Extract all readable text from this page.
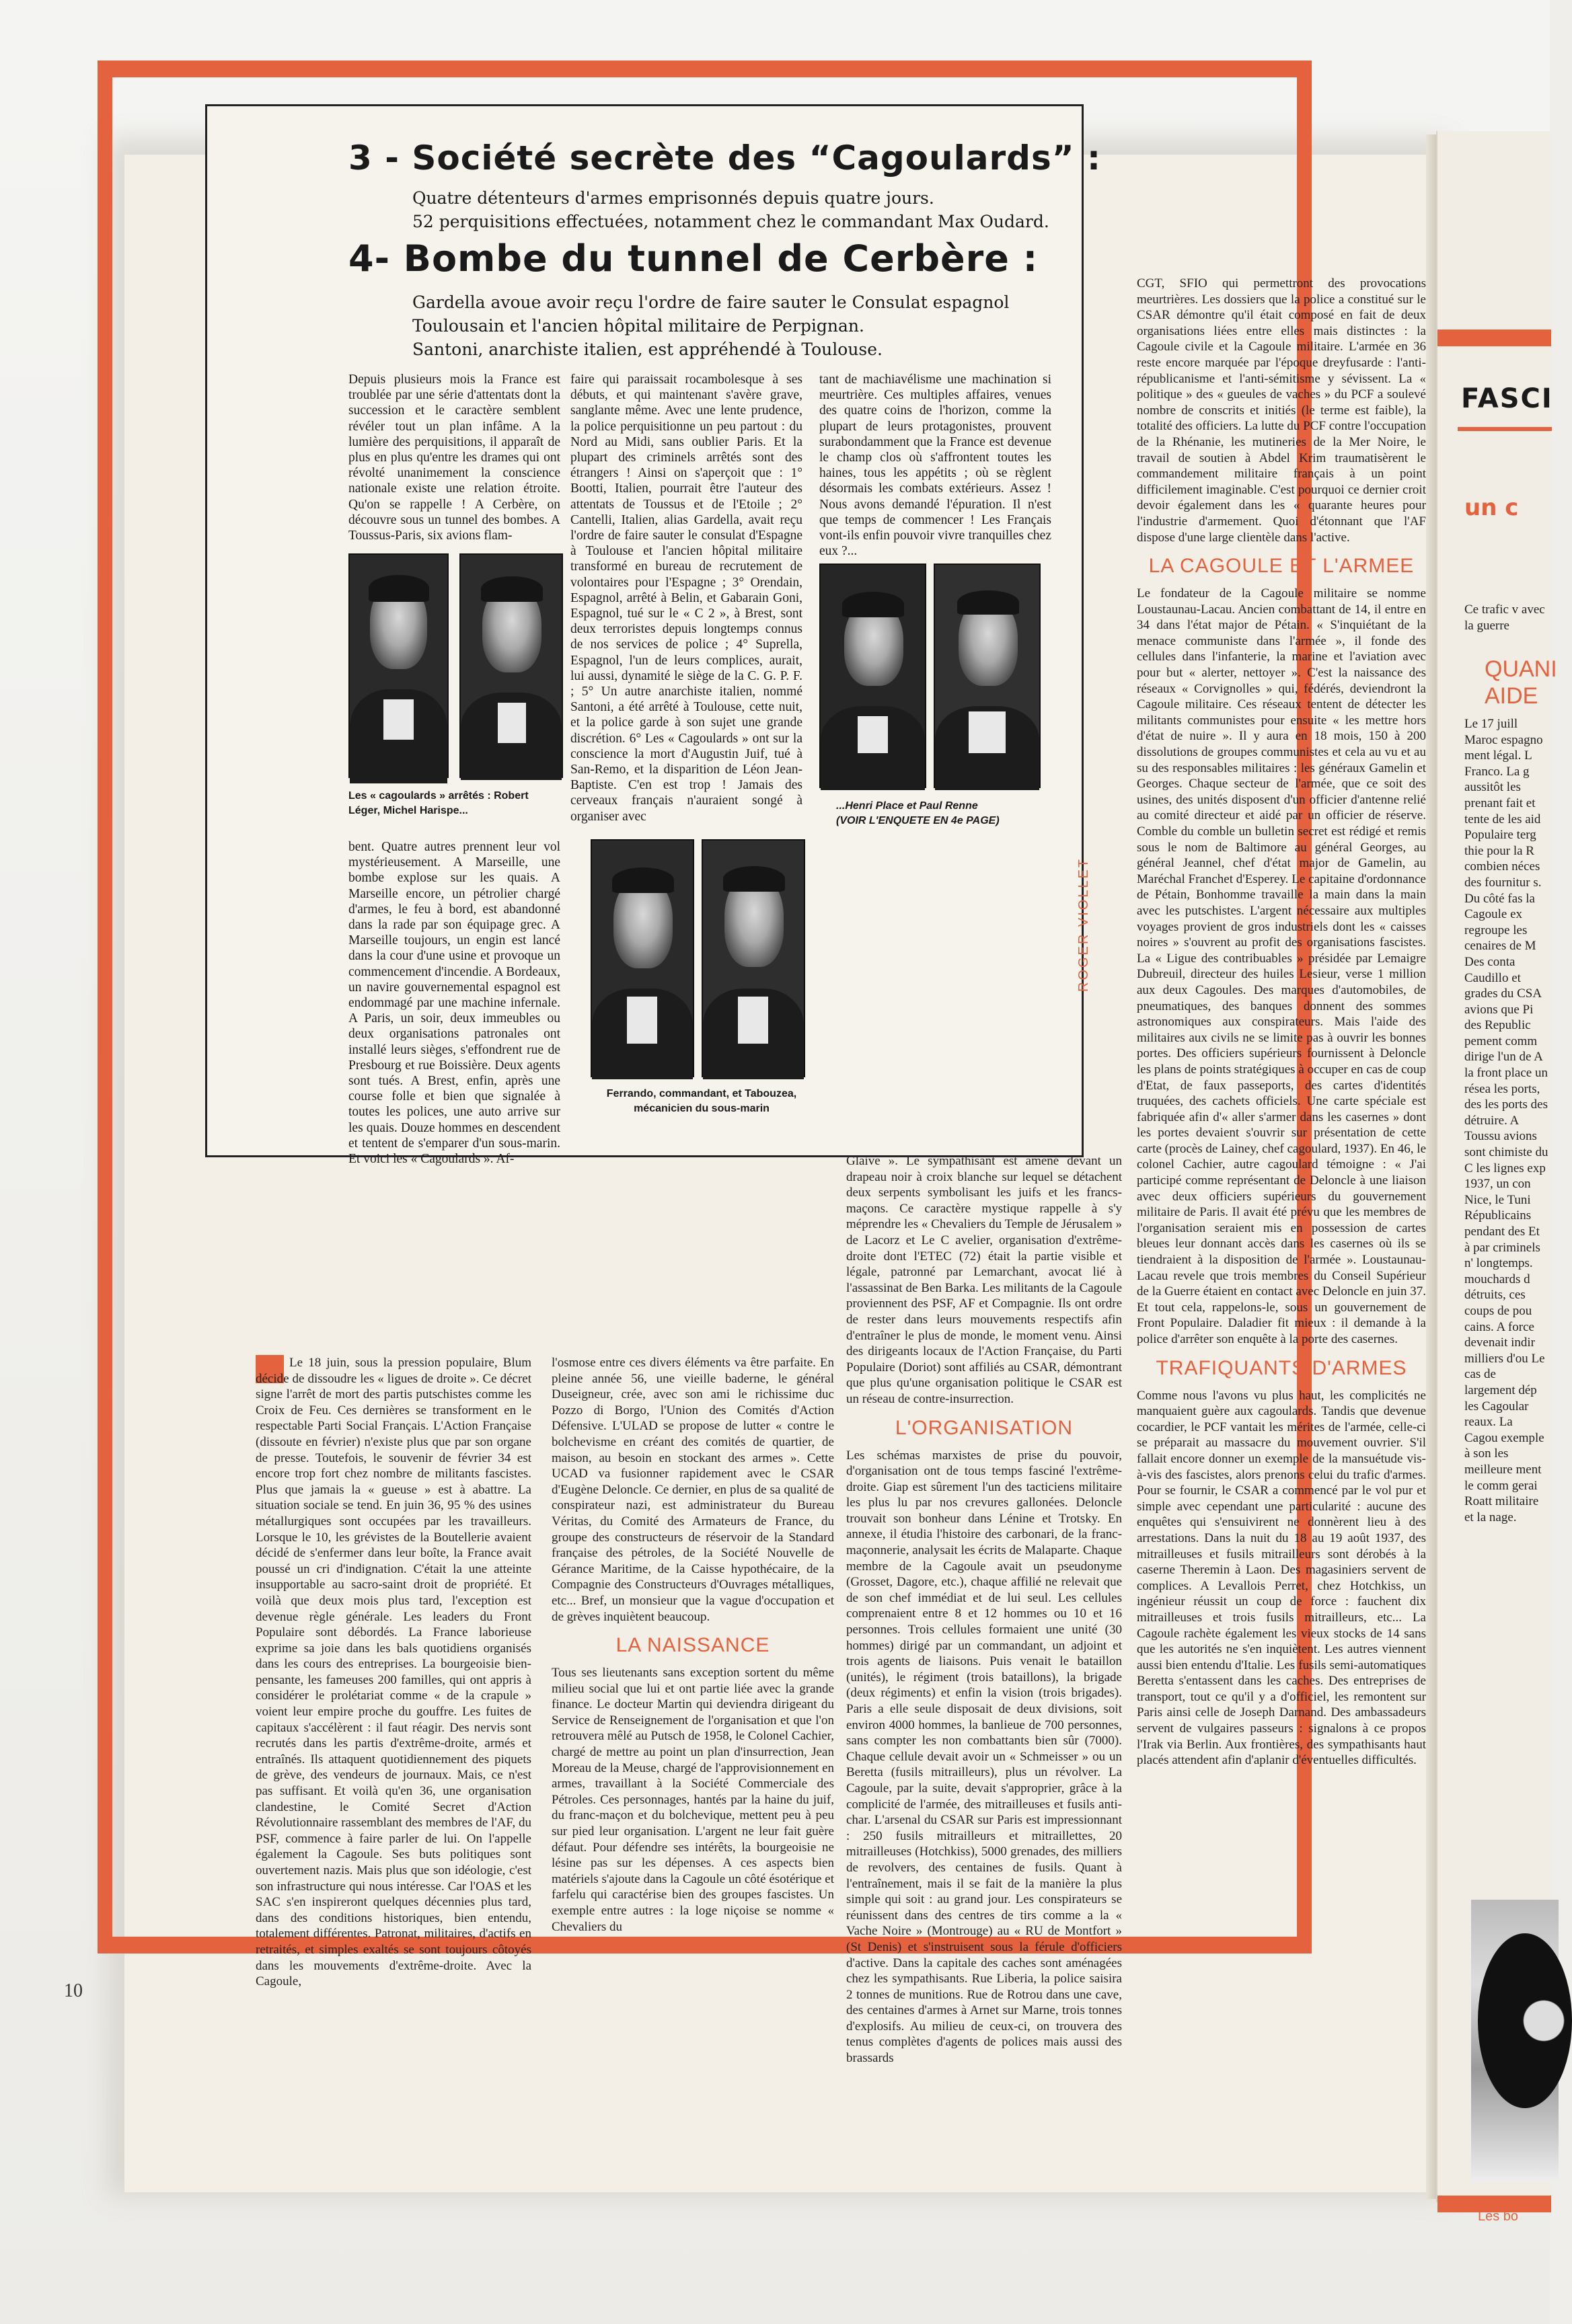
3 - Société secrète des “Cagoulards” :
Quatre détenteurs d'armes emprisonnés depuis quatre jours.
52 perquisitions effectuées, notamment chez le commandant Max Oudard.
4- Bombe du tunnel de Cerbère :
Gardella avoue avoir reçu l'ordre de faire sauter le Consulat espagnol
Toulousain et l'ancien hôpital militaire de Perpignan.
Santoni, anarchiste italien, est appréhendé à Toulouse.
Depuis plusieurs mois la France est troublée par une série d'attentats dont la succession et le caractère semblent révéler tout un plan infâme. A la lumière des perquisitions, il apparaît de plus en plus qu'entre les drames qui ont révolté unanimement la conscience nationale existe une relation étroite. Qu'on se rappelle ! A Cerbère, on découvre sous un tunnel des bombes. A Toussus-Paris, six avions flam-
faire qui paraissait rocambolesque à ses débuts, et qui maintenant s'avère grave, sanglante même. Avec une lente prudence, la police perquisitionne un peu partout : du Nord au Midi, sans oublier Paris. Et la plupart des criminels arrêtés sont des étrangers ! Ainsi on s'aperçoit que : 1° Bootti, Italien, pourrait être l'auteur des attentats de Toussus et de l'Etoile ; 2° Cantelli, Italien, alias Gardella, avait reçu l'ordre de faire sauter le consulat d'Espagne à Toulouse et l'ancien hôpital militaire transformé en bureau de recrutement de volontaires pour l'Espagne ; 3° Orendain, Espagnol, arrêté à Belin, et Gabarain Goni, Espagnol, tué sur le « C 2 », à Brest, sont deux terroristes depuis longtemps connus de nos services de police ; 4° Suprella, Espagnol, l'un de leurs complices, aurait, lui aussi, dynamité le siège de la C. G. P. F. ; 5° Un autre anarchiste italien, nommé Santoni, a été arrêté à Toulouse, cette nuit, et la police garde à son sujet une grande discrétion. 6° Les « Cagoulards » ont sur la conscience la mort d'Augustin Juif, tué à San-Remo, et la disparition de Léon Jean-Baptiste. C'en est trop ! Jamais des cerveaux français n'auraient songé à organiser avec
tant de machiavélisme une machination si meurtrière. Ces multiples affaires, venues des quatre coins de l'horizon, comme la plupart de leurs protagonistes, prouvent surabondamment que la France est devenue le champ clos où s'affrontent toutes les haines, tous les appétits ; où se règlent désormais les combats extérieurs. Assez ! Nous avons demandé l'épuration. Il n'est que temps de commencer ! Les Français vont-ils enfin pouvoir vivre tranquilles chez eux ?...
bent. Quatre autres prennent leur vol mystérieusement. A Marseille, une bombe explose sur les quais. A Marseille encore, un pétrolier chargé d'armes, le feu à bord, est abandonné dans la rade par son équipage grec. A Marseille toujours, un engin est lancé dans la cour d'une usine et provoque un commencement d'incendie. A Bordeaux, un navire gouvernemental espagnol est endommagé par une machine infernale. A Paris, un soir, deux immeubles ou deux organisations patronales ont installé leurs sièges, s'effondrent rue de Presbourg et rue Boissière. Deux agents sont tués. A Brest, enfin, après une course folle et bien que signalée à toutes les polices, une auto arrive sur les quais. Douze hommes en descendent et tentent de s'emparer d'un sous-marin. Et voici les « Cagoulards ». Af-
Les « cagoulards » arrêtés : Robert
Léger, Michel Harispe...	...Henri Place et Paul Renne
(VOIR L'ENQUETE EN 4e PAGE)
Ferrando, commandant, et Tabouzea,
mécanicien du sous-marin
ROGER VIOLLET
Le 18 juin, sous la pression populaire, Blum décide de dissoudre les « ligues de droite ». Ce décret signe l'arrêt de mort des partis putschistes comme les Croix de Feu. Ces dernières se transforment en le respectable Parti Social Français. L'Action Française (dissoute en février) n'existe plus que par son organe de presse. Toutefois, le souvenir de février 34 est encore trop fort chez nombre de militants fascistes. Plus que jamais la « gueuse » est à abattre. La situation sociale se tend. En juin 36, 95 % des usines métallurgiques sont occupées par les travailleurs. Lorsque le 10, les grévistes de la Boutellerie avaient décidé de s'enfermer dans leur boîte, la France avait poussé un cri d'indignation. C'était la une atteinte insupportable au sacro-saint droit de propriété. Et voilà que deux mois plus tard, l'exception est devenue règle générale. Les leaders du Front Populaire sont débordés. La France laborieuse exprime sa joie dans les bals quotidiens organisés dans les cours des entreprises. La bourgeoisie bien-pensante, les fameuses 200 familles, qui ont appris à considérer le prolétariat comme « de la crapule » voient leur empire proche du gouffre. Les fuites de capitaux s'accélèrent : il faut réagir. Des nervis sont recrutés dans les partis d'extrême-droite, armés et entraînés. Ils attaquent quotidiennement des piquets de grève, des vendeurs de journaux. Mais, ce n'est pas suffisant. Et voilà qu'en 36, une organisation clandestine, le Comité Secret d'Action Révolutionnaire rassemblant des membres de l'AF, du PSF, commence à faire parler de lui. On l'appelle également la Cagoule. Ses buts politiques sont ouvertement nazis. Mais plus que son idéologie, c'est son infrastructure qui nous intéresse. Car l'OAS et les SAC s'en inspireront quelques décennies plus tard, dans des conditions historiques, bien entendu, totalement différentes. Patronat, militaires, d'actifs en retraités, et simples exaltés se sont toujours côtoyés dans les mouvements d'extrême-droite. Avec la Cagoule,
l'osmose entre ces divers éléments va être parfaite. En pleine année 56, une vieille baderne, le général Duseigneur, crée, avec son ami le richissime duc Pozzo di Borgo, l'Union des Comités d'Action Défensive. L'ULAD se propose de lutter « contre le bolchevisme en créant des comités de quartier, de maison, au besoin en stockant des armes ». Cette UCAD va fusionner rapidement avec le CSAR d'Eugène Deloncle. Ce dernier, en plus de sa qualité de conspirateur nazi, est administrateur du Bureau Véritas, du Comité des Armateurs de France, du groupe des constructeurs de réservoir de la Standard française des pétroles, de la Société Nouvelle de Gérance Maritime, de la Caisse hypothécaire, de la Compagnie des Constructeurs d'Ouvrages métalliques, etc... Bref, un monsieur que la vague d'occupation et de grèves inquiètent beaucoup.
LA NAISSANCE
Tous ses lieutenants sans exception sortent du même milieu social que lui et ont partie liée avec la grande finance. Le docteur Martin qui deviendra dirigeant du Service de Renseignement de l'organisation et que l'on retrouvera mêlé au Putsch de 1958, le Colonel Cachier, chargé de mettre au point un plan d'insurrection, Jean Moreau de la Meuse, chargé de l'approvisionnement en armes, travaillant à la Société Commerciale des Pétroles. Ces personnages, hantés par la haine du juif, du franc-maçon et du bolchevique, mettent peu à peu sur pied leur organisation. L'argent ne leur fait guère défaut. Pour défendre ses intérêts, la bourgeoisie ne lésine pas sur les dépenses. A ces aspects bien matériels s'ajoute dans la Cagoule un côté ésotérique et farfelu qui caractérise bien des groupes fascistes. Un exemple entre autres : la loge niçoise se nomme « Chevaliers du
Glaive ». Le sympathisant est amené devant un drapeau noir à croix blanche sur lequel se détachent deux serpents symbolisant les juifs et les francs-maçons. Ce caractère mystique rappelle à s'y méprendre les « Chevaliers du Temple de Jérusalem » de Lacorz et Le C avelier, organisation d'extrême-droite dont l'ETEC (72) était la partie visible et légale, patronné par Lemarchant, avocat lié à l'assassinat de Ben Barka. Les militants de la Cagoule proviennent des PSF, AF et Compagnie. Ils ont ordre de rester dans leurs mouvements respectifs afin d'entraîner le plus de monde, le moment venu. Ainsi des dirigeants locaux de l'Action Française, du Parti Populaire (Doriot) sont affiliés au CSAR, démontrant que plus qu'une organisation politique le CSAR est un réseau de contre-insurrection.
L'ORGANISATION
Les schémas marxistes de prise du pouvoir, d'organisation ont de tous temps fasciné l'extrême-droite. Giap est sûrement l'un des tacticiens militaire les plus lu par nos crevures gallonées. Deloncle trouvait son bonheur dans Lénine et Trotsky. En annexe, il étudia l'histoire des carbonari, de la franc-maçonnerie, analysait les écrits de Malaparte. Chaque membre de la Cagoule avait un pseudonyme (Grosset, Dagore, etc.), chaque affilié ne relevait que de son chef immédiat et de lui seul. Les cellules comprenaient entre 8 et 12 hommes ou 10 et 16 personnes. Trois cellules formaient une unité (30 hommes) dirigé par un commandant, un adjoint et trois agents de liaisons. Puis venait le bataillon (unités), le régiment (trois bataillons), la brigade (deux régiments) et enfin la vision (trois brigades). Paris a elle seule disposait de deux divisions, soit environ 4000 hommes, la banlieue de 700 personnes, sans compter les non combattants bien sûr (7000). Chaque cellule devait avoir un « Schmeisser » ou un Beretta (fusils mitrailleurs), plus un révolver. La Cagoule, par la suite, devait s'approprier, grâce à la complicité de l'armée, des mitrailleuses et fusils anti-char. L'arsenal du CSAR sur Paris est impressionnant : 250 fusils mitrailleurs et mitraillettes, 20 mitrailleuses (Hotchkiss), 5000 grenades, des milliers de revolvers, des centaines de fusils. Quant à l'entraînement, mais il se fait de la manière la plus simple qui soit : au grand jour. Les conspirateurs se réunissent dans des centres de tirs comme a la « Vache Noire » (Montrouge) au « RU de Montfort » (St Denis) et s'instruisent sous la férule d'officiers d'active. Dans la capitale des caches sont aménagées chez les sympathisants. Rue Liberia, la police saisira 2 tonnes de munitions. Rue de Rotrou dans une cave, des centaines d'armes à Arnet sur Marne, trois tonnes d'explosifs. Au milieu de ceux-ci, on trouvera des tenus complètes d'agents de polices mais aussi des brassards
CGT, SFIO qui permettront des provocations meurtrières. Les dossiers que la police a constitué sur le CSAR démontre qu'il était composé en fait de deux organisations liées entre elles mais distinctes : la Cagoule civile et la Cagoule militaire. L'armée en 36 reste encore marquée par l'époque dreyfusarde : l'anti-républicanisme et l'anti-sémitisme y sévissent. La « politique » des « gueules de vaches » du PCF a soulevé nombre de conscrits et initiés (le terme est faible), la totalité des officiers. La lutte du PCF contre l'occupation de la Rhénanie, les mutineries de la Mer Noire, le travail de soutien à Abdel Krim traumatisèrent le commandement militaire français à un point difficilement imaginable. C'est pourquoi ce dernier croit devoir également dans les « quarante heures pour l'industrie d'armement. Quoi d'étonnant que l'AF dispose d'une large clientèle dans l'active.
LA CAGOULE ET L'ARMEE
Le fondateur de la Cagoule militaire se nomme Loustaunau-Lacau. Ancien combattant de 14, il entre en 34 dans l'état major de Pétain. « S'inquiétant de la menace communiste dans l'armée », il fonde des cellules dans l'infanterie, la marine et l'aviation avec pour but « alerter, nettoyer ». C'est la naissance des réseaux « Corvignolles » qui, fédérés, deviendront la Cagoule militaire. Ces réseaux tentent de détecter les militants communistes pour ensuite « les mettre hors d'état de nuire ». Il y aura en 18 mois, 150 à 200 dissolutions de groupes communistes et cela au vu et au su des responsables militaires : les généraux Gamelin et Georges. Chaque secteur de l'armée, que ce soit des usines, des unités disposent d'un officier d'antenne relié au comité directeur et aidé par un officier de réserve. Comble du comble un bulletin secret est rédigé et remis sous le nom de Baltimore au général Georges, au général Jeannel, chef d'état major de Gamelin, au Maréchal Franchet d'Esperey. Le capitaine d'ordonnance de Pétain, Bonhomme travaille la main dans la main avec les putschistes. L'argent nécessaire aux multiples voyages provient de gros industriels dont les « caisses noires » s'ouvrent au profit des organisations fascistes. La « Ligue des contribuables » présidée par Lemaigre Dubreuil, directeur des huiles Lesieur, verse 1 million aux deux Cagoules. Des marques d'automobiles, de pneumatiques, des banques donnent des sommes astronomiques aux conspirateurs. Mais l'aide des militaires aux civils ne se limite pas à ouvrir les bonnes portes. Des officiers supérieurs fournissent à Deloncle les plans de points stratégiques à occuper en cas de coup d'Etat, de faux passeports, des cartes d'identités truquées, des cachets officiels. Une carte spéciale est fabriquée afin d'« aller s'armer dans les casernes » dont les portes devaient s'ouvrir sur présentation de cette carte (procès de Lainey, chef cagoulard, 1937). En 46, le colonel Cachier, autre cagoulard témoigne : « J'ai participé comme représentant de Deloncle à une liaison avec deux officiers supérieurs du gouvernement militaire de Paris. Il avait été prévu que les membres de l'organisation seraient mis en possession de cartes bleues leur donnant accès dans les casernes où ils se tiendraient à la disposition de l'armée ». Loustaunau-Lacau revele que trois membres du Conseil Supérieur de la Guerre étaient en contact avec Deloncle en juin 37. Et tout cela, rappelons-le, sous un gouvernement de Front Populaire. Daladier fit mieux : il demande à la police d'arrêter son enquête à la porte des casernes.
TRAFIQUANTS D'ARMES
Comme nous l'avons vu plus haut, les complicités ne manquaient guère aux cagoulards. Tandis que devenue cocardier, le PCF vantait les mérites de l'armée, celle-ci se préparait au massacre du mouvement ouvrier. S'il fallait encore donner un exemple de la mansuétude vis-à-vis des fascistes, alors prenons celui du trafic d'armes. Pour se fournir, le CSAR a commencé par le vol pur et simple avec cependant une particularité : aucune des enquêtes qui s'ensuivirent ne donnèrent lieu à des arrestations. Dans la nuit du 18 au 19 août 1937, des mitrailleuses et fusils mitrailleurs sont dérobés à la caserne Theremin à Laon. Des magasiniers servent de complices. A Levallois Perret, chez Hotchkiss, un ingénieur réussit un coup de force : fauchent dix mitrailleuses et trois fusils mitrailleurs, etc... La Cagoule rachète également les vieux stocks de 14 sans que les autorités ne s'en inquiètent. Les autres viennent aussi bien entendu d'Italie. Les fusils semi-automatiques Beretta s'entassent dans les caches. Des entreprises de transport, tout ce qu'il y a d'officiel, les remontent sur Paris ainsi celle de Joseph Darnand. Des ambassadeurs servent de vulgaires passeurs : signalons à ce propos l'Irak via Berlin. Aux frontières, des sympathisants haut placés attendent afin d'aplanir d'éventuelles difficultés.
10
FASCI
un c
Ce trafic v avec la guerre
QUANI AIDE
Le 17 juill Maroc espagno ment légal. L Franco. La g aussitôt les prenant fait et tente de les aid Populaire terg thie pour la R combien néces des fournitur s. Du côté fas la Cagoule ex regroupe les cenaires de M Des conta Caudillo et grades du CSA avions que Pi des Republic pement comm dirige l'un de A la front place un résea les ports, des les ports des détruire. A Toussu avions sont chimiste du C les lignes exp 1937, un con Nice, le Tuni Républicains pendant des Et à par criminels n' longtemps. mouchards d détruits, ces coups de pou cains. A force devenait indir milliers d'ou Le cas de largement dép les Cagoular reaux. La Cagou exemple à son les meilleure ment le comm gerai Roatt militaire et la nage.
Les bo
